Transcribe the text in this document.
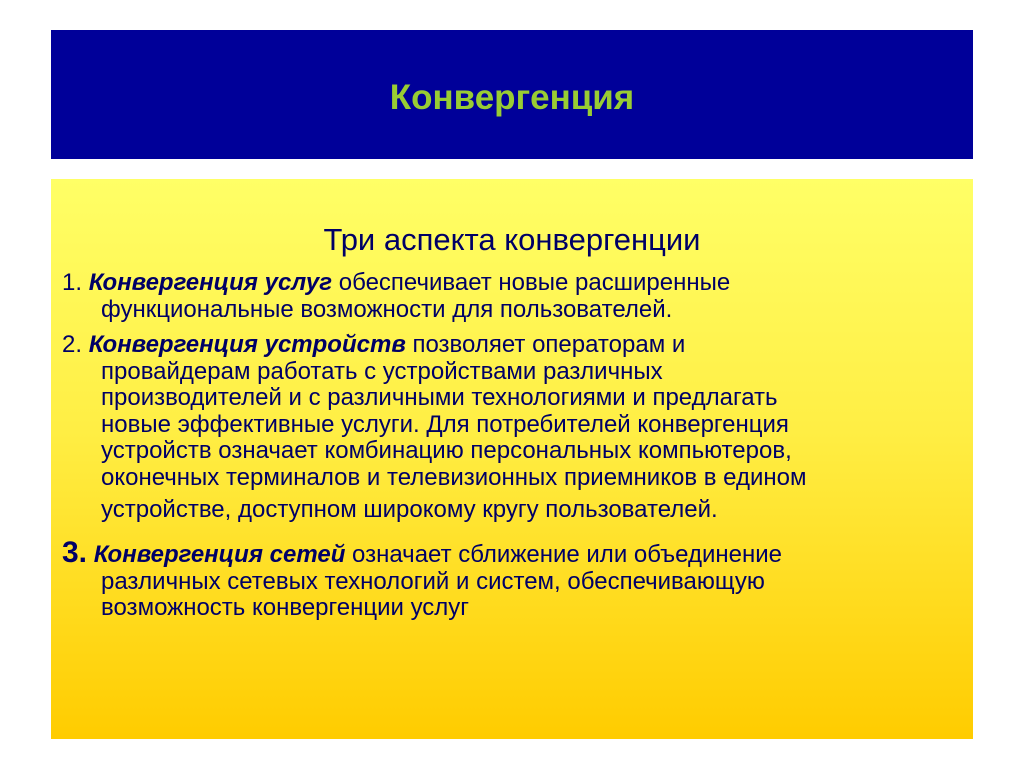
Конвергенция
Три аспекта конвергенции
1. Конвергенция услуг обеспечивает новые расширенные
функциональные возможности для пользователей.
2. Конвергенция устройств позволяет операторам и
провайдерам работать с устройствами различных
производителей и с различными технологиями и предлагать
новые эффективные услуги. Для потребителей конвергенция
устройств означает комбинацию персональных компьютеров,
оконечных терминалов и телевизионных приемников в едином
устройстве, доступном широкому кругу пользователей.
3. Конвергенция сетей означает сближение или объединение
различных сетевых технологий и систем, обеспечивающую
возможность конвергенции услуг
